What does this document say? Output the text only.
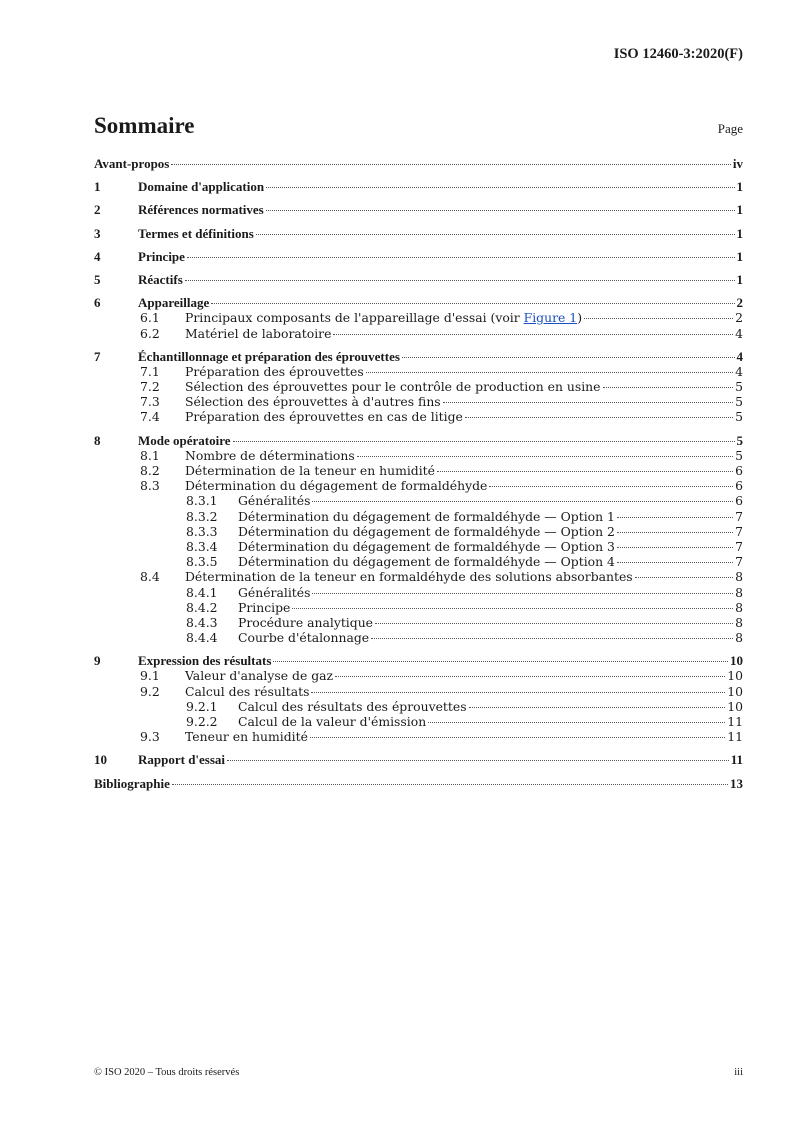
ISO 12460-3:2020(F)
Sommaire	Page
Avant-propos	iv
1	Domaine d'application	1
2	Références normatives	1
3	Termes et définitions	1
4	Principe	1
5	Réactifs	1
6	Appareillage	2
6.1 Principaux composants de l'appareillage d'essai (voir Figure 1 )	2
6.2 Matériel de laboratoire	4
7	Échantillonnage et préparation des éprouvettes	4
7.1 Préparation des éprouvettes	4
7.2 Sélection des éprouvettes pour le contrôle de production en usine	5
7.3 Sélection des éprouvettes à d'autres fins	5
7.4 Préparation des éprouvettes en cas de litige	5
8	Mode opératoire	5
8.1 Nombre de déterminations	5
8.2 Détermination de la teneur en humidité	6
8.3 Détermination du dégagement de formaldéhyde	6
8.3.1 Généralités	6
8.3.2 Détermination du dégagement de formaldéhyde — Option 1	7
8.3.3 Détermination du dégagement de formaldéhyde — Option 2	7
8.3.4 Détermination du dégagement de formaldéhyde — Option 3	7
8.3.5 Détermination du dégagement de formaldéhyde — Option 4	7
8.4 Détermination de la teneur en formaldéhyde des solutions absorbantes	8
8.4.1 Généralités	8
8.4.2 Principe	8
8.4.3 Procédure analytique	8
8.4.4 Courbe d'étalonnage	8
9	Expression des résultats	10
9.1 Valeur d'analyse de gaz	10
9.2 Calcul des résultats	10
9.2.1 Calcul des résultats des éprouvettes	10
9.2.2 Calcul de la valeur d'émission	11
9.3 Teneur en humidité	11
10 Rapport d'essai	11
Bibliographie	13
© ISO 2020 – Tous droits réservés	iii
